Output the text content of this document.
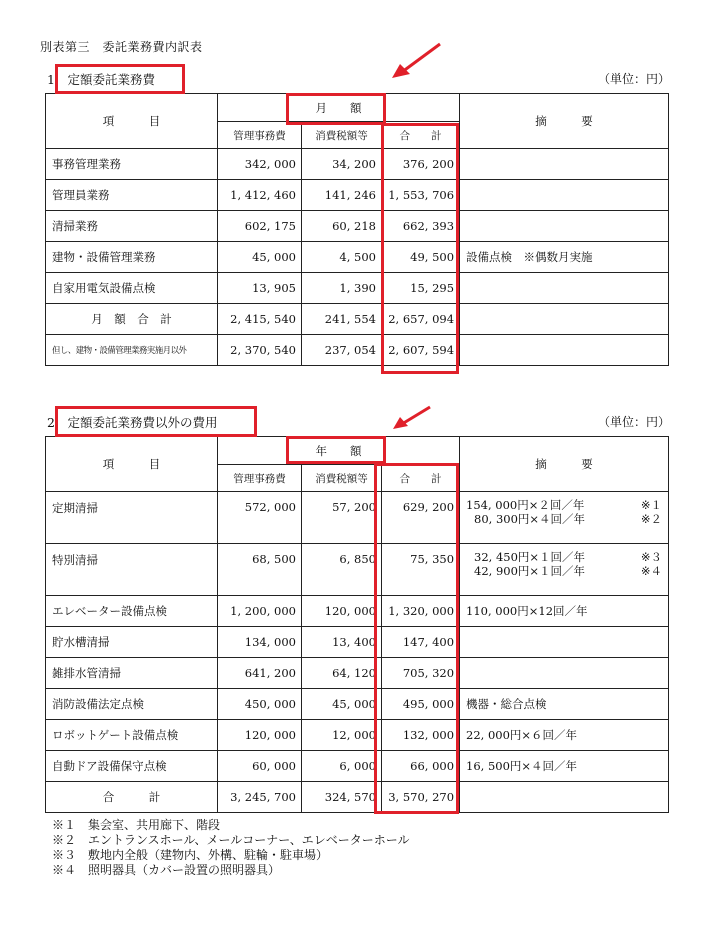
別表第三　委託業務費内訳表
1．定額委託業務費	（単位：円）
項　　　目	月　　額			摘　　　要
	管理事務費	消費税額等	合　　計	
事務管理業務	342, 000	34, 200	376, 200	
管理員業務	1, 412, 460	141, 246	1, 553, 706	
清掃業務	602, 175	60, 218	662, 393	
建物・設備管理業務	45, 000	4, 500	49, 500	設備点検　※偶数月実施
自家用電気設備点検	13, 905	1, 390	15, 295	
月　額　合　計	2, 415, 540	241, 554	2, 657, 094	
但し、建物・設備管理業務実施月以外	2, 370, 540	237, 054	2, 607, 594	
2．定額委託業務費以外の費用	（単位：円）
項　　　目	年　　額			摘　　　要
	管理事務費	消費税額等	合　　計	
定期清掃	572, 000	57, 200	629, 200	154, 000円×２回／年 ※１
80, 300円×４回／年 ※２

特別清掃	68, 500	6, 850	75, 350	32, 450円×１回／年 ※３
42, 900円×１回／年 ※４

エレベーター設備点検	1, 200, 000	120, 000	1, 320, 000	110, 000円×12回／年
貯水槽清掃	134, 000	13, 400	147, 400	
雑排水管清掃	641, 200	64, 120	705, 320	
消防設備法定点検	450, 000	45, 000	495, 000	機器・総合点検
ロボットゲート設備点検	120, 000	12, 000	132, 000	22, 000円×６回／年
自動ドア設備保守点検	60, 000	6, 000	66, 000	16, 500円×４回／年
合　　　計	3, 245, 700	324, 570	3, 570, 270	
※１　集会室、共用廊下、階段
※２　エントランスホール、メールコーナー、エレベーターホール
※３　敷地内全般（建物内、外構、駐輪・駐車場）
※４　照明器具（カバー設置の照明器具）
